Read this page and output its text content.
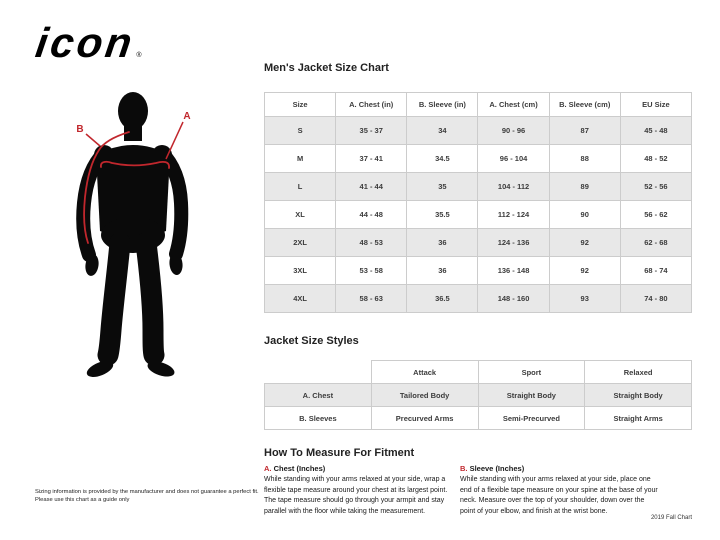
icon
®
A
B
Men's Jacket Size Chart
Size	A. Chest (in)	B. Sleeve (in)	A. Chest (cm)	B. Sleeve (cm)	EU Size
S	35 - 37	34	90 - 96	87	45 - 48
M	37 - 41	34.5	96 - 104	88	48 - 52
L	41 - 44	35	104 - 112	89	52 - 56
XL	44 - 48	35.5	112 - 124	90	56 - 62
2XL	48 - 53	36	124 - 136	92	62 - 68
3XL	53 - 58	36	136 - 148	92	68 - 74
4XL	58 - 63	36.5	148 - 160	93	74 - 80
Jacket Size Styles
	Attack	Sport	Relaxed
A. Chest	Tailored Body	Straight Body	Straight Body
B. Sleeves	Precurved Arms	Semi-Precurved	Straight Arms
How To Measure For Fitment
A. Chest (Inches)
While standing with your arms relaxed at your side, wrap a flexible tape measure around your chest at its largest point. The tape measure should go through your armpit and stay parallel with the floor while taking the measurement.
B. Sleeve (Inches)
While standing with your arms relaxed at your side, place one end of a flexible tape measure on your spine at the base of your neck. Measure over the top of your shoulder, down over the point of your elbow, and finish at the wrist bone.
Sizing information is provided by the manufacturer and does not guarantee a perfect fit. Please use this chart as a guide only
2019 Fall Chart
